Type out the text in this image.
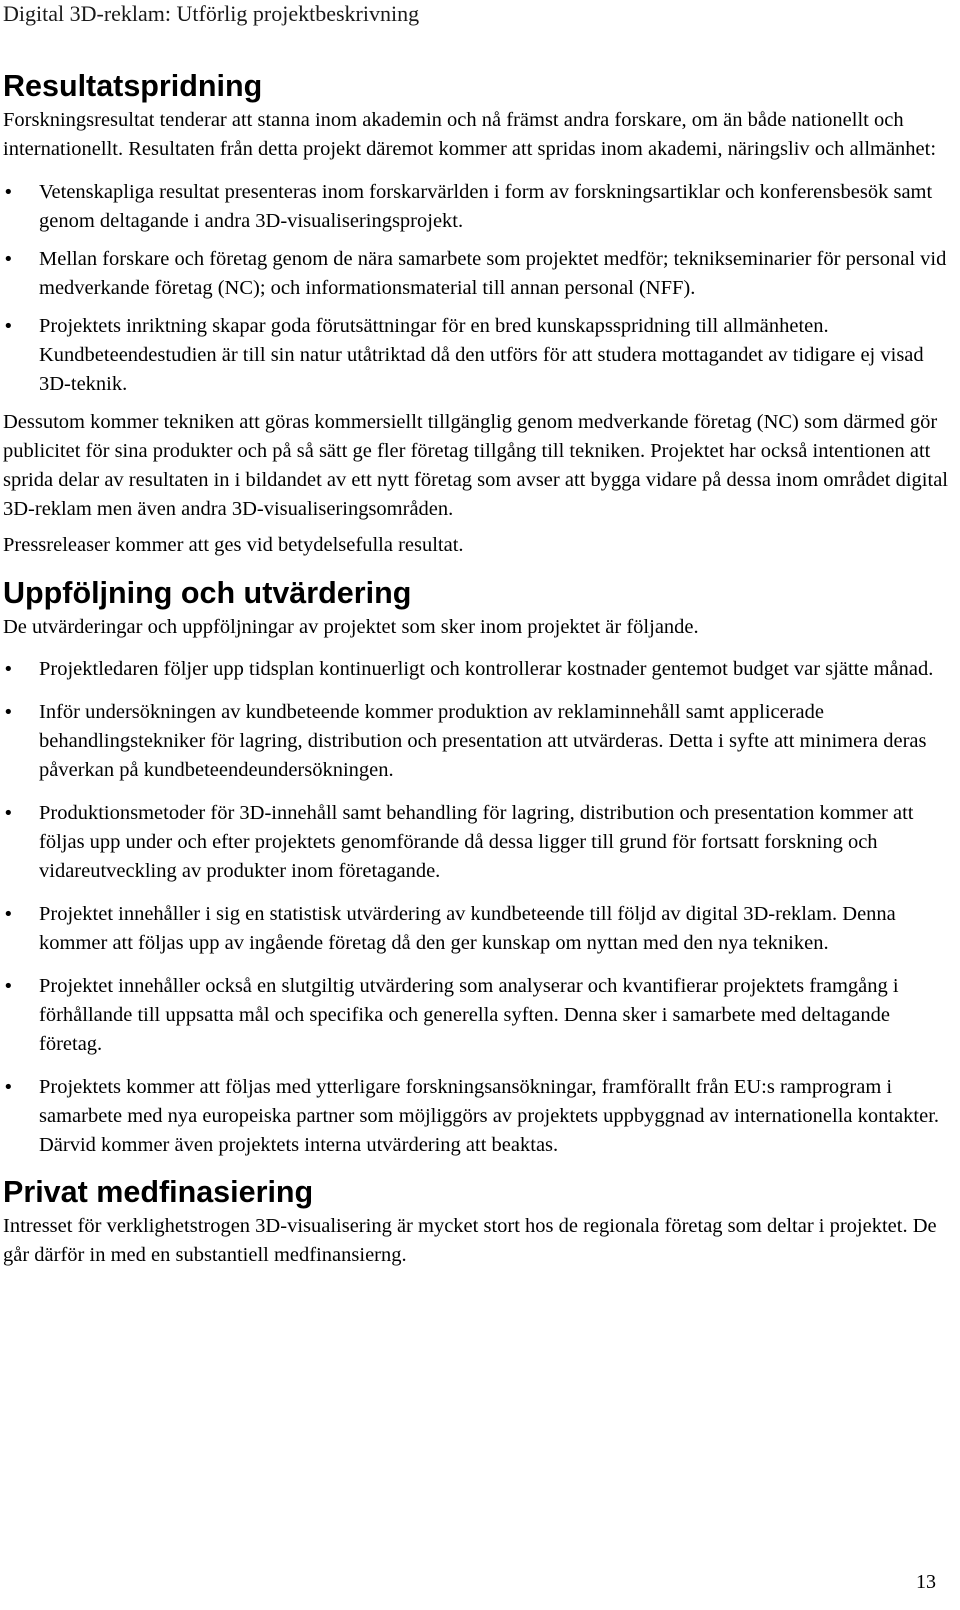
Digital 3D-reklam: Utförlig projektbeskrivning
Resultatspridning

Forskningsresultat tenderar att stanna inom akademin och nå främst andra forskare, om än både nationellt och internationellt. Resultaten från detta projekt däremot kommer att spridas inom akademi, näringsliv och allmänhet:

• Vetenskapliga resultat presenteras inom forskarvärlden i form av forskningsartiklar och konferensbesök samt genom deltagande i andra 3D-visualiseringsprojekt.
• Mellan forskare och företag genom de nära samarbete som projektet medför; teknikseminarier för personal vid medverkande företag (NC); och informationsmaterial till annan personal (NFF).
• Projektets inriktning skapar goda förutsättningar för en bred kunskapsspridning till allmänheten. Kundbeteendestudien är till sin natur utåtriktad då den utförs för att studera mottagandet av tidigare ej visad 3D-teknik.

Dessutom kommer tekniken att göras kommersiellt tillgänglig genom medverkande företag (NC) som därmed gör publicitet för sina produkter och på så sätt ge fler företag tillgång till tekniken. Projektet har också intentionen att sprida delar av resultaten in i bildandet av ett nytt företag som avser att bygga vidare på dessa inom området digital 3D-reklam men även andra 3D-visualiseringsområden.

Pressreleaser kommer att ges vid betydelsefulla resultat.

Uppföljning och utvärdering

De utvärderingar och uppföljningar av projektet som sker inom projektet är följande.

• Projektledaren följer upp tidsplan kontinuerligt och kontrollerar kostnader gentemot budget var sjätte månad.
• Inför undersökningen av kundbeteende kommer produktion av reklaminnehåll samt applicerade behandlingstekniker för lagring, distribution och presentation att utvärderas. Detta i syfte att minimera deras påverkan på kundbeteendeundersökningen.
• Produktionsmetoder för 3D-innehåll samt behandling för lagring, distribution och presentation kommer att följas upp under och efter projektets genomförande då dessa ligger till grund för fortsatt forskning och vidareutveckling av produkter inom företagande.
• Projektet innehåller i sig en statistisk utvärdering av kundbeteende till följd av digital 3D-reklam. Denna kommer att följas upp av ingående företag då den ger kunskap om nyttan med den nya tekniken.
• Projektet innehåller också en slutgiltig utvärdering som analyserar och kvantifierar projektets framgång i förhållande till uppsatta mål och specifika och generella syften. Denna sker i samarbete med deltagande företag.
• Projektets kommer att följas med ytterligare forskningsansökningar, framförallt från EU:s ramprogram i samarbete med nya europeiska partner som möjliggörs av projektets uppbyggnad av internationella kontakter. Därvid kommer även projektets interna utvärdering att beaktas.
Privat medfinasiering

Intresset för verklighetstrogen 3D-visualisering är mycket stort hos de regionala företag som deltar i projektet. De går därför in med en substantiell medfinansierng.

13
